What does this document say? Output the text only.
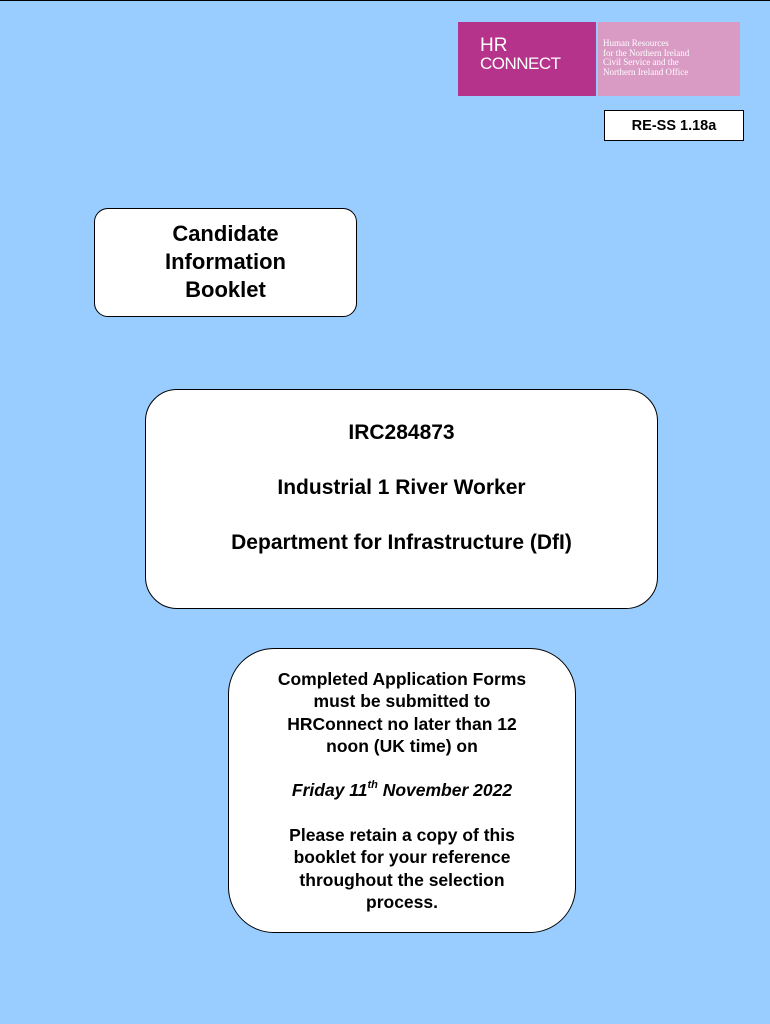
HR
CONNECT
Human Resources
for the Northern Ireland
Civil Service and the
Northern Ireland Office
RE-SS 1.18a
Candidate
Information
Booklet
IRC284873
Industrial 1 River Worker
Department for Infrastructure (DfI)
Completed Application Forms
must be submitted to
HRConnect no later than 12
noon (UK time) on
Friday 11th November 2022
Please retain a copy of this
booklet for your reference
throughout the selection
process.
